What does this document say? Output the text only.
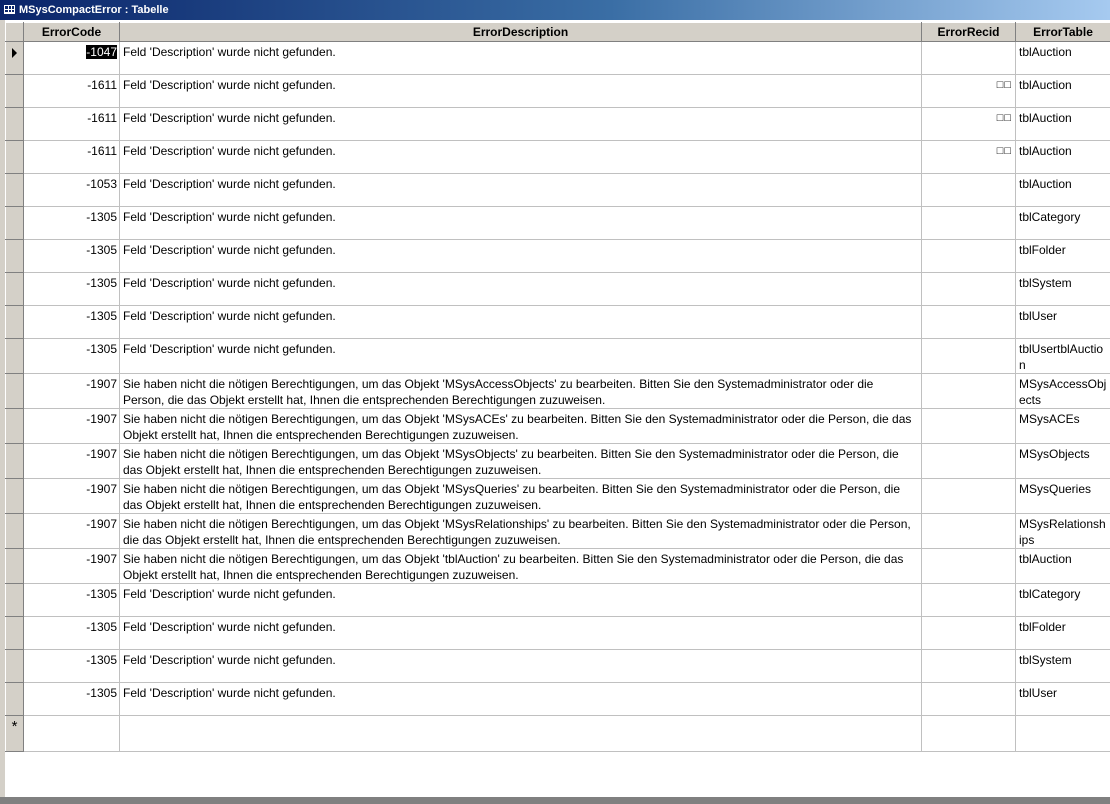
MSysCompactError : Tabelle
	ErrorCode	ErrorDescription	ErrorRecid	ErrorTable
	-1047	Feld 'Description' wurde nicht gefunden.		tblAuction
	-1611	Feld 'Description' wurde nicht gefunden.	□□	tblAuction
	-1611	Feld 'Description' wurde nicht gefunden.	□□	tblAuction
	-1611	Feld 'Description' wurde nicht gefunden.	□□	tblAuction
	-1053	Feld 'Description' wurde nicht gefunden.		tblAuction
	-1305	Feld 'Description' wurde nicht gefunden.		tblCategory
	-1305	Feld 'Description' wurde nicht gefunden.		tblFolder
	-1305	Feld 'Description' wurde nicht gefunden.		tblSystem
	-1305	Feld 'Description' wurde nicht gefunden.		tblUser
	-1305	Feld 'Description' wurde nicht gefunden.		tblUsertblAuction
	-1907	Sie haben nicht die nötigen Berechtigungen, um das Objekt 'MSysAccessObjects' zu bearbeiten. Bitten Sie den Systemadministrator oder die Person, die das Objekt erstellt hat, Ihnen die entsprechenden Berechtigungen zuzuweisen.		MSysAccessObjects
	-1907	Sie haben nicht die nötigen Berechtigungen, um das Objekt 'MSysACEs' zu bearbeiten. Bitten Sie den Systemadministrator oder die Person, die das Objekt erstellt hat, Ihnen die entsprechenden Berechtigungen zuzuweisen.		MSysACEs
	-1907	Sie haben nicht die nötigen Berechtigungen, um das Objekt 'MSysObjects' zu bearbeiten. Bitten Sie den Systemadministrator oder die Person, die das Objekt erstellt hat, Ihnen die entsprechenden Berechtigungen zuzuweisen.		MSysObjects
	-1907	Sie haben nicht die nötigen Berechtigungen, um das Objekt 'MSysQueries' zu bearbeiten. Bitten Sie den Systemadministrator oder die Person, die das Objekt erstellt hat, Ihnen die entsprechenden Berechtigungen zuzuweisen.		MSysQueries
	-1907	Sie haben nicht die nötigen Berechtigungen, um das Objekt 'MSysRelationships' zu bearbeiten. Bitten Sie den Systemadministrator oder die Person, die das Objekt erstellt hat, Ihnen die entsprechenden Berechtigungen zuzuweisen.		MSysRelationships
	-1907	Sie haben nicht die nötigen Berechtigungen, um das Objekt 'tblAuction' zu bearbeiten. Bitten Sie den Systemadministrator oder die Person, die das Objekt erstellt hat, Ihnen die entsprechenden Berechtigungen zuzuweisen.		tblAuction
	-1305	Feld 'Description' wurde nicht gefunden.		tblCategory
	-1305	Feld 'Description' wurde nicht gefunden.		tblFolder
	-1305	Feld 'Description' wurde nicht gefunden.		tblSystem
	-1305	Feld 'Description' wurde nicht gefunden.		tblUser
*				
